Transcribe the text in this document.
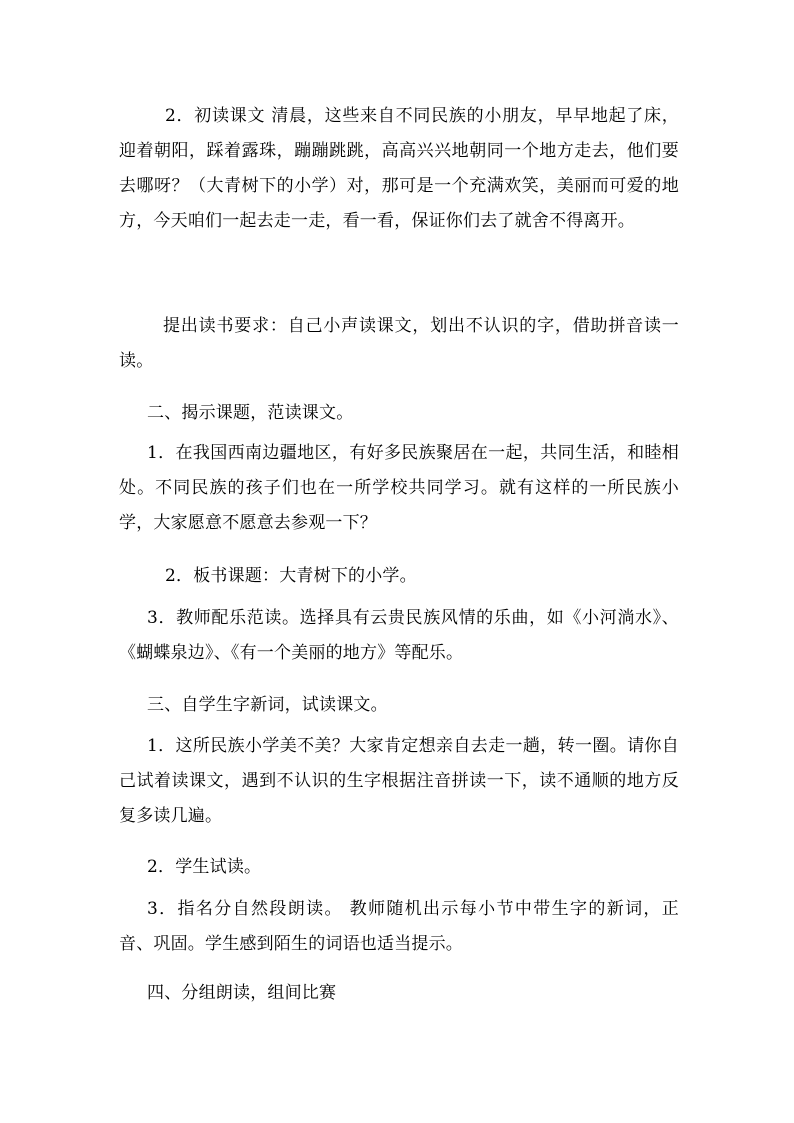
2．初读课文 清晨，这些来自不同民族的小朋友，早早地起了床，迎着朝阳，踩着露珠，蹦蹦跳跳，高高兴兴地朝同一个地方走去，他们要去哪呀？（大青树下的小学）对，那可是一个充满欢笑，美丽而可爱的地方，今天咱们一起去走一走，看一看，保证你们去了就舍不得离开。

提出读书要求：自己小声读课文，划出不认识的字，借助拼音读一读。

二、揭示课题，范读课文。

1．在我国西南边疆地区，有好多民族聚居在一起，共同生活，和睦相处。不同民族的孩子们也在一所学校共同学习。就有这样的一所民族小学，大家愿意不愿意去参观一下？

2．板书课题：大青树下的小学。

3．教师配乐范读。选择具有云贵民族风情的乐曲，如《小河淌水》、《蝴蝶泉边》、《有一个美丽的地方》等配乐。

三、自学生字新词，试读课文。

1．这所民族小学美不美？大家肯定想亲自去走一趟，转一圈。请你自己试着读课文，遇到不认识的生字根据注音拼读一下，读不通顺的地方反复多读几遍。

2．学生试读。

3．指名分自然段朗读。 教师随机出示每小节中带生字的新词，正音、巩固。学生感到陌生的词语也适当提示。

四、分组朗读，组间比赛
